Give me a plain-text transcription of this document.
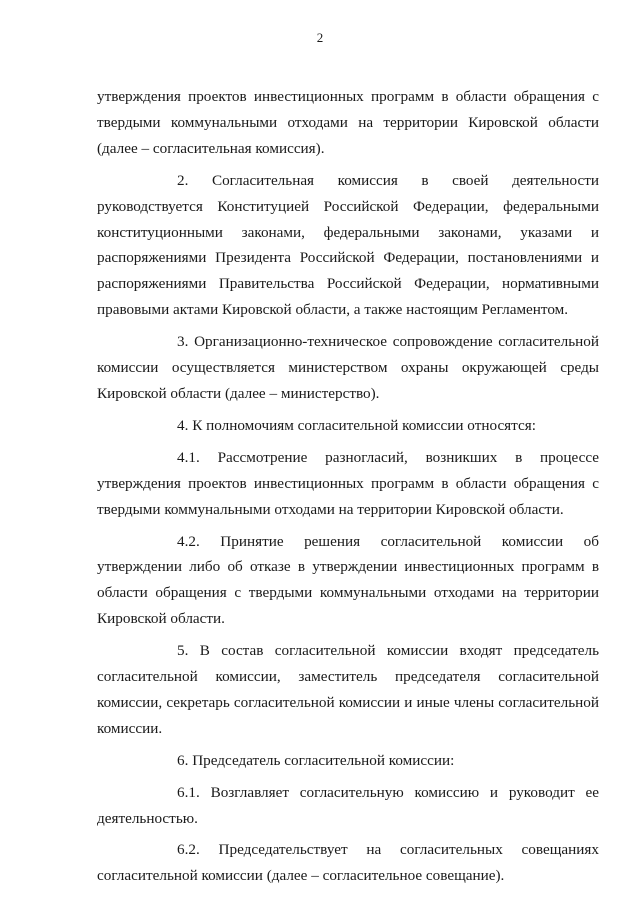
2

утверждения проектов инвестиционных программ в области обращения с твердыми коммунальными отходами на территории Кировской области (далее – согласительная комиссия).

2. Согласительная комиссия в своей деятельности руководствуется Конституцией Российской Федерации, федеральными конституционными законами, федеральными законами, указами и распоряжениями Президента Российской Федерации, постановлениями и распоряжениями Правительства Российской Федерации, нормативными правовыми актами Кировской области, а также настоящим Регламентом.

3. Организационно-техническое сопровождение согласительной комиссии осуществляется министерством охраны окружающей среды Кировской области (далее – министерство).

4. К полномочиям согласительной комиссии относятся:

4.1. Рассмотрение разногласий, возникших в процессе утверждения проектов инвестиционных программ в области обращения с твердыми коммунальными отходами на территории Кировской области.

4.2. Принятие решения согласительной комиссии об утверждении либо об отказе в утверждении инвестиционных программ в области обращения с твердыми коммунальными отходами на территории Кировской области.

5. В состав согласительной комиссии входят председатель согласительной комиссии, заместитель председателя согласительной комиссии, секретарь согласительной комиссии и иные члены согласительной комиссии.

6. Председатель согласительной комиссии:

6.1. Возглавляет согласительную комиссию и руководит ее деятельностью.

6.2. Председательствует на согласительных совещаниях согласительной комиссии (далее – согласительное совещание).
